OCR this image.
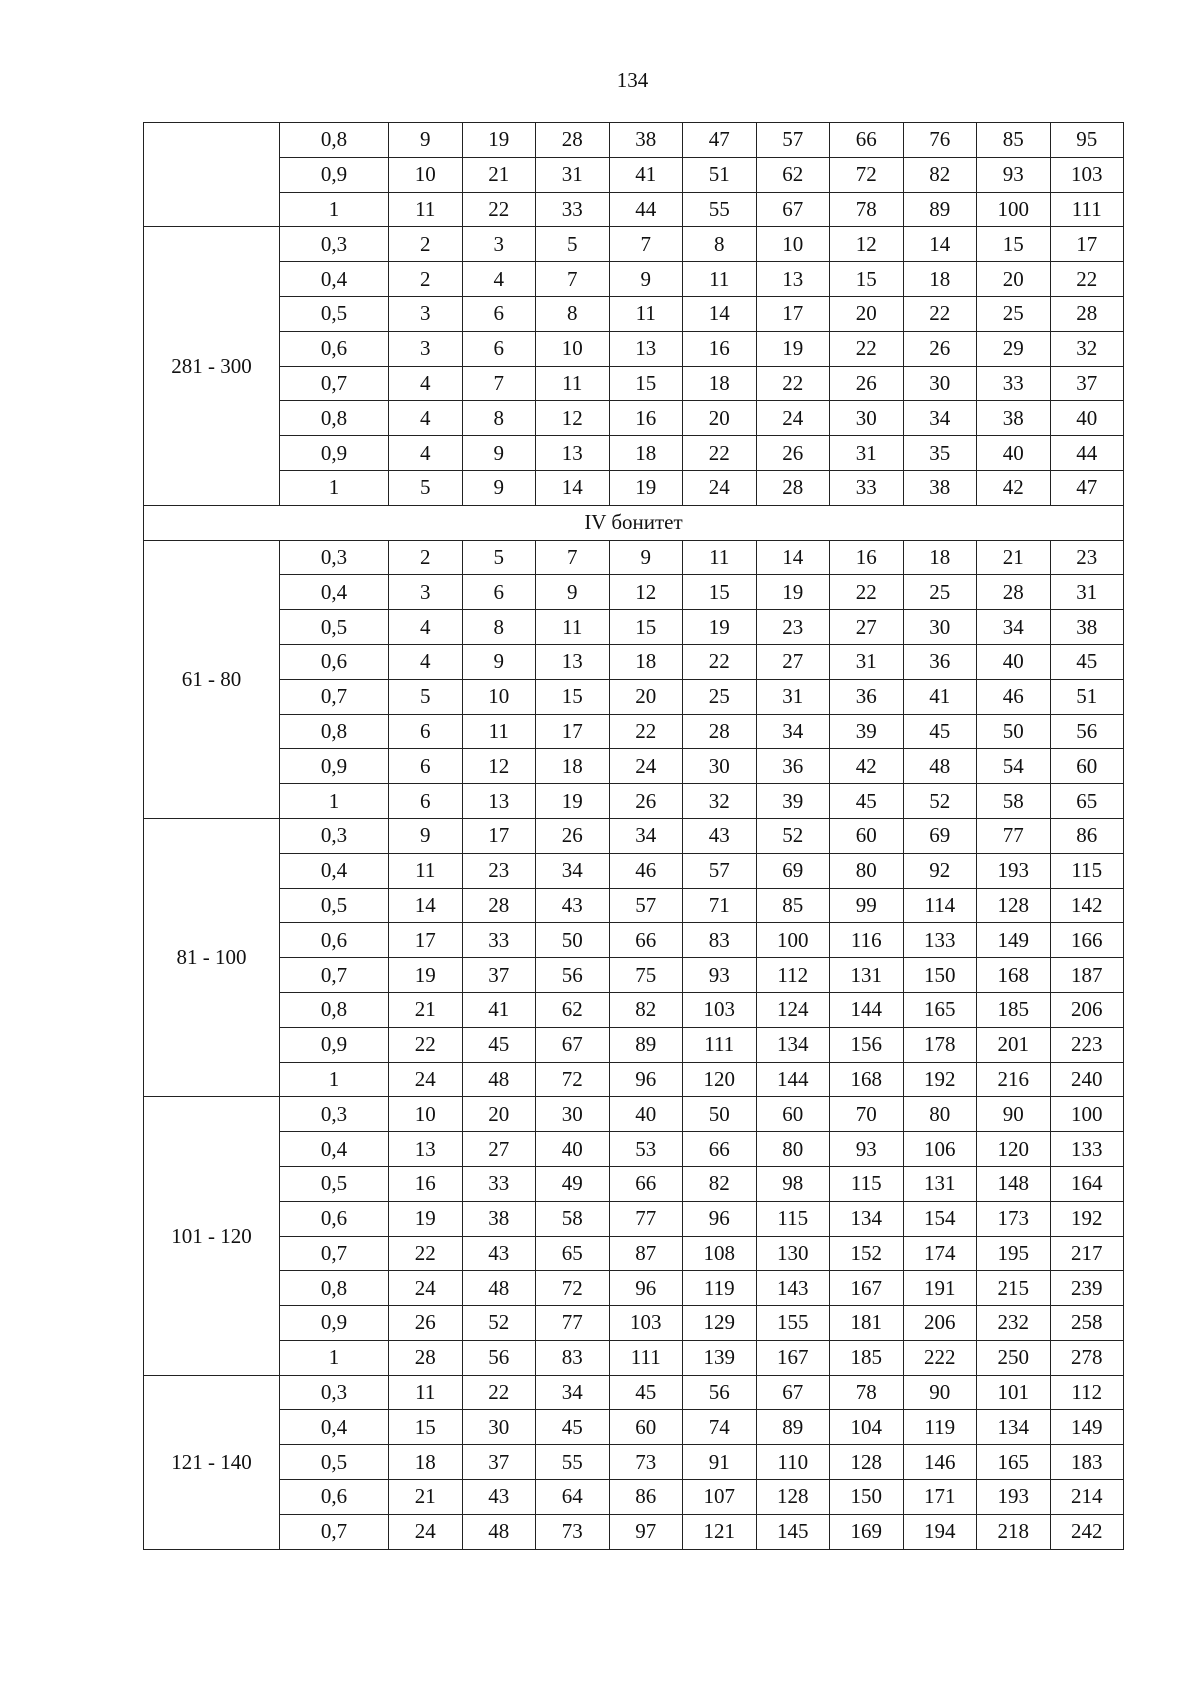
134
	0,8	9	19	28	38	47	57	66	76	85	95
	0,9	10	21	31	41	51	62	72	82	93	103
	1	11	22	33	44	55	67	78	89	100	111
281 - 300	0,3	2	3	5	7	8	10	12	14	15	17
	0,4	2	4	7	9	11	13	15	18	20	22
	0,5	3	6	8	11	14	17	20	22	25	28
	0,6	3	6	10	13	16	19	22	26	29	32
	0,7	4	7	11	15	18	22	26	30	33	37
	0,8	4	8	12	16	20	24	30	34	38	40
	0,9	4	9	13	18	22	26	31	35	40	44
	1	5	9	14	19	24	28	33	38	42	47
IV бонитет											
61 - 80	0,3	2	5	7	9	11	14	16	18	21	23
	0,4	3	6	9	12	15	19	22	25	28	31
	0,5	4	8	11	15	19	23	27	30	34	38
	0,6	4	9	13	18	22	27	31	36	40	45
	0,7	5	10	15	20	25	31	36	41	46	51
	0,8	6	11	17	22	28	34	39	45	50	56
	0,9	6	12	18	24	30	36	42	48	54	60
	1	6	13	19	26	32	39	45	52	58	65
81 - 100	0,3	9	17	26	34	43	52	60	69	77	86
	0,4	11	23	34	46	57	69	80	92	193	115
	0,5	14	28	43	57	71	85	99	114	128	142
	0,6	17	33	50	66	83	100	116	133	149	166
	0,7	19	37	56	75	93	112	131	150	168	187
	0,8	21	41	62	82	103	124	144	165	185	206
	0,9	22	45	67	89	111	134	156	178	201	223
	1	24	48	72	96	120	144	168	192	216	240
101 - 120	0,3	10	20	30	40	50	60	70	80	90	100
	0,4	13	27	40	53	66	80	93	106	120	133
	0,5	16	33	49	66	82	98	115	131	148	164
	0,6	19	38	58	77	96	115	134	154	173	192
	0,7	22	43	65	87	108	130	152	174	195	217
	0,8	24	48	72	96	119	143	167	191	215	239
	0,9	26	52	77	103	129	155	181	206	232	258
	1	28	56	83	111	139	167	185	222	250	278
121 - 140	0,3	11	22	34	45	56	67	78	90	101	112
	0,4	15	30	45	60	74	89	104	119	134	149
	0,5	18	37	55	73	91	110	128	146	165	183
	0,6	21	43	64	86	107	128	150	171	193	214
	0,7	24	48	73	97	121	145	169	194	218	242
